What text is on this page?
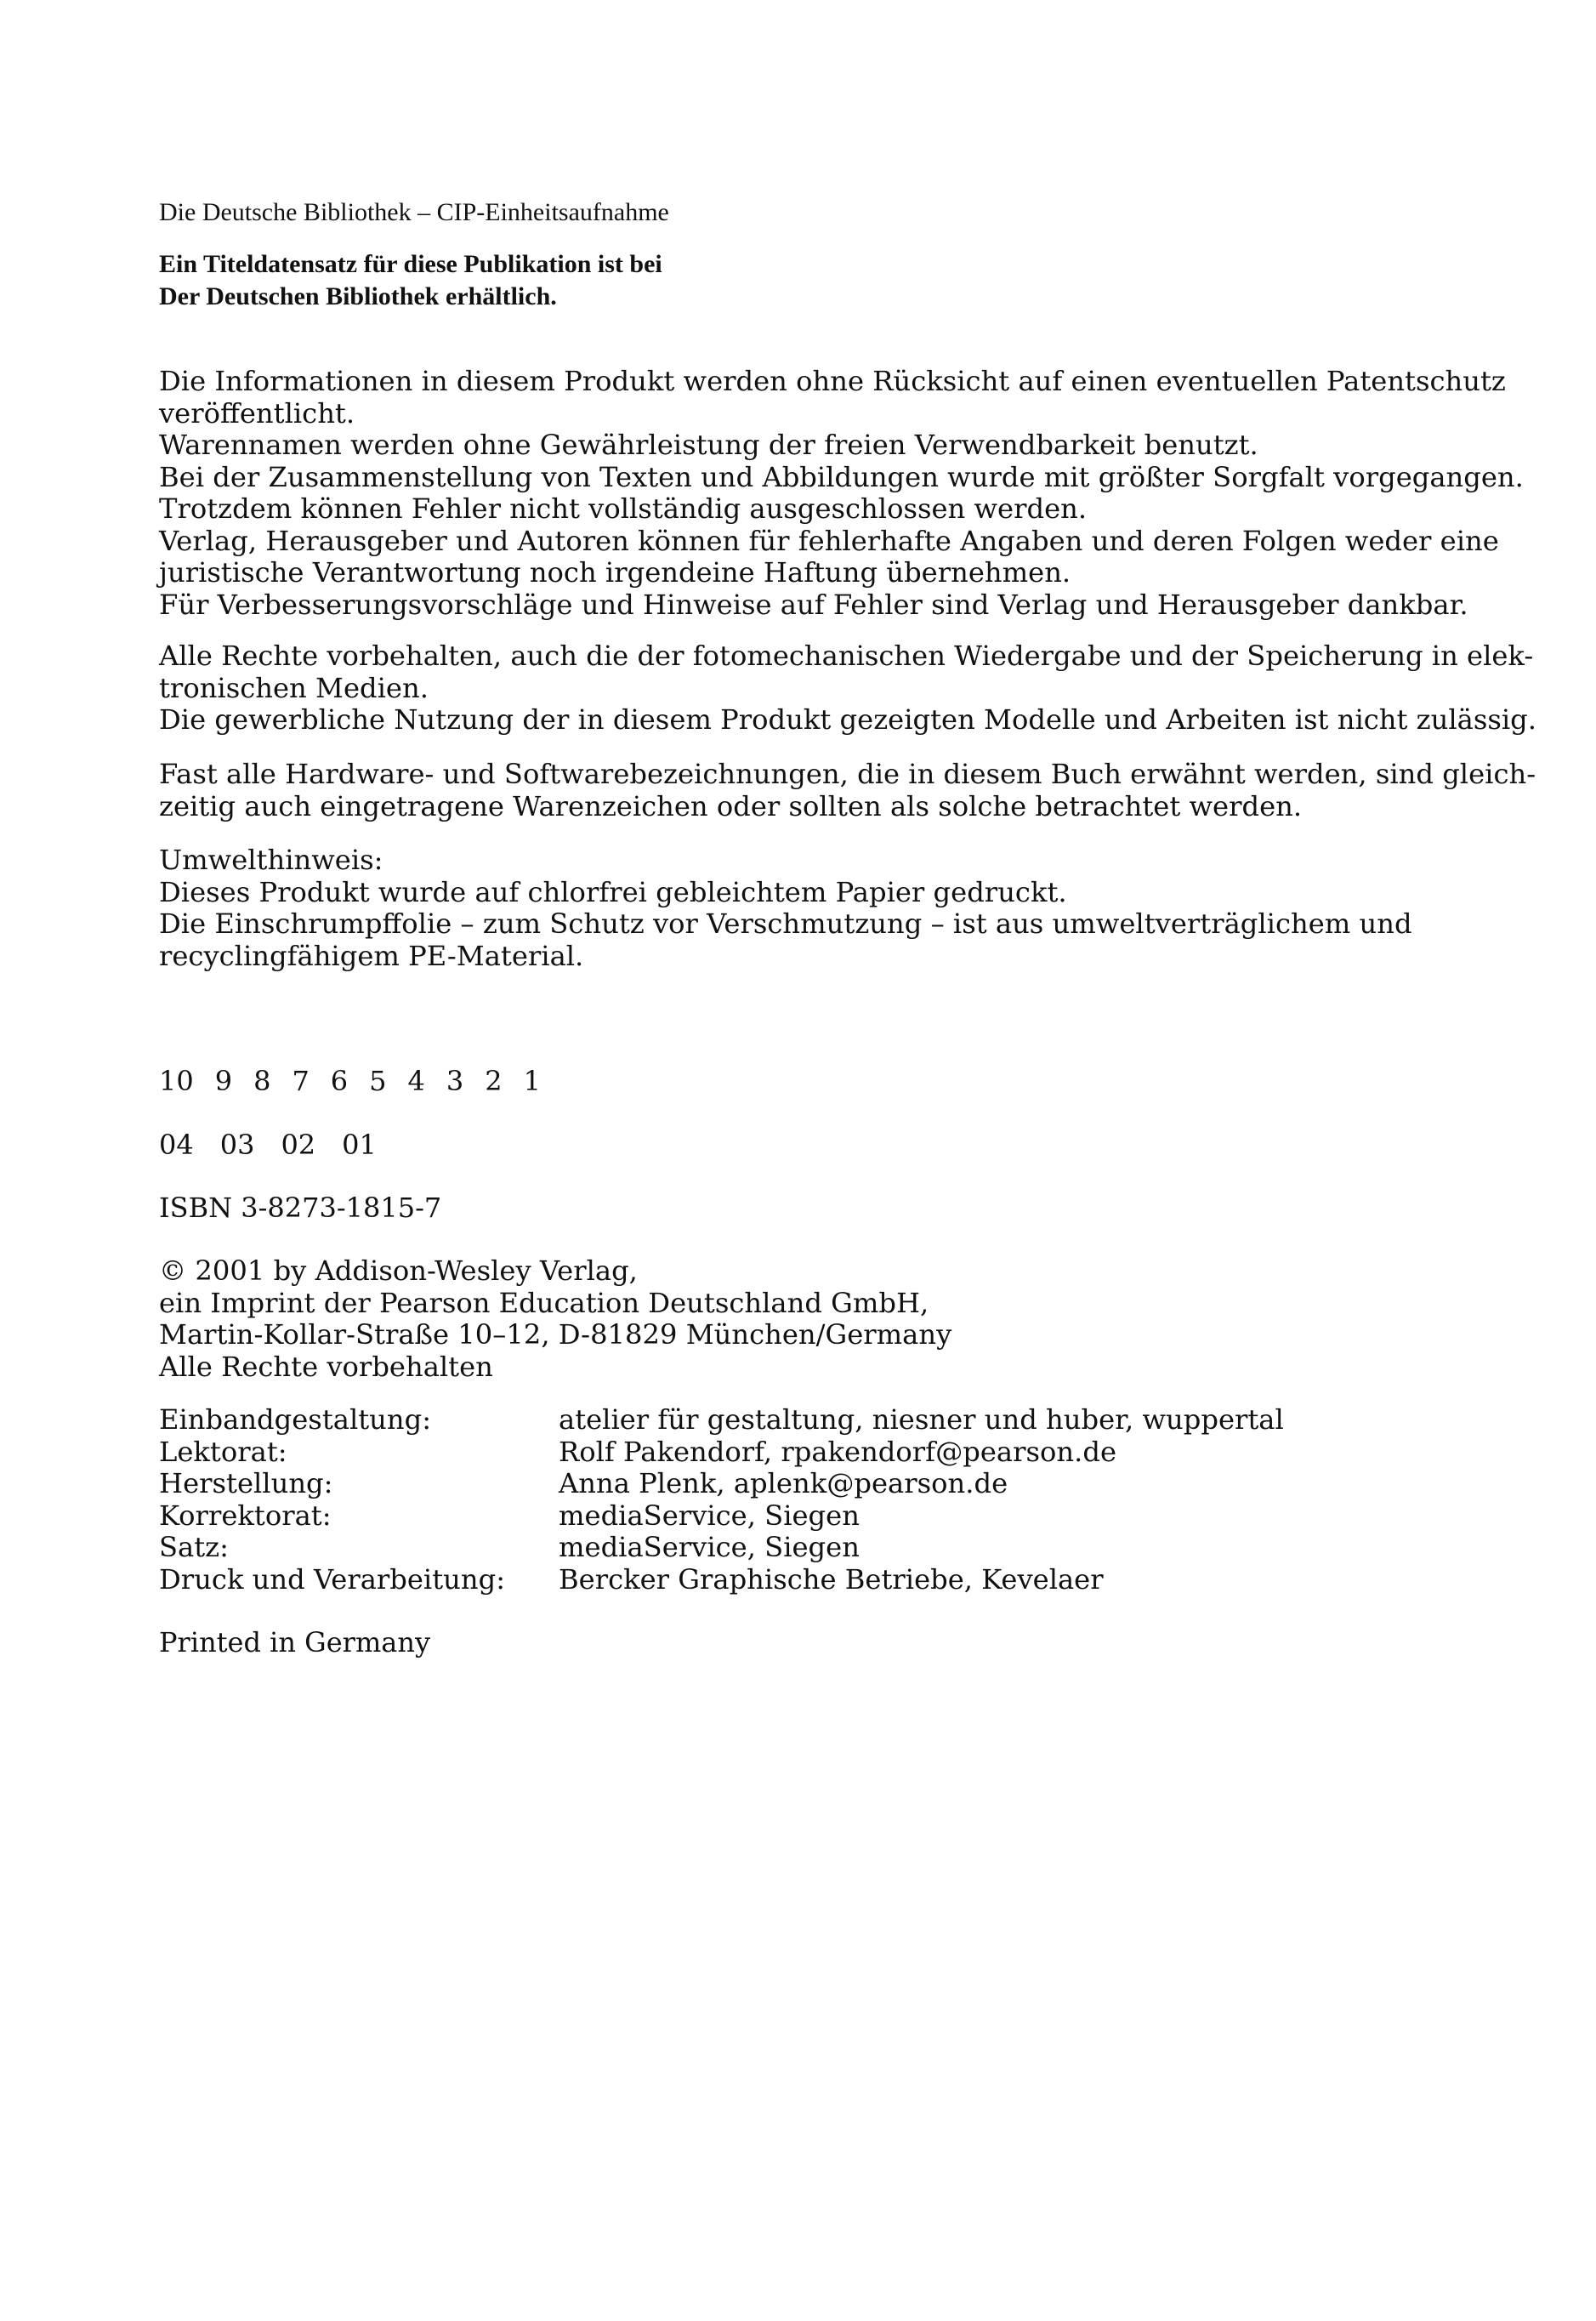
Die Deutsche Bibliothek – CIP-Einheitsaufnahme

Ein Titeldatensatz für diese Publikation ist bei

Der Deutschen Bibliothek erhältlich.

Die Informationen in diesem Produkt werden ohne Rücksicht auf einen eventuellen Patentschutz

veröffentlicht.

Warennamen werden ohne Gewährleistung der freien Verwendbarkeit benutzt.

Bei der Zusammenstellung von Texten und Abbildungen wurde mit größter Sorgfalt vorgegangen.

Trotzdem können Fehler nicht vollständig ausgeschlossen werden.

Verlag, Herausgeber und Autoren können für fehlerhafte Angaben und deren Folgen weder eine

juristische Verantwortung noch irgendeine Haftung übernehmen.

Für Verbesserungsvorschläge und Hinweise auf Fehler sind Verlag und Herausgeber dankbar.

Alle Rechte vorbehalten, auch die der fotomechanischen Wiedergabe und der Speicherung in elek-

tronischen Medien.

Die gewerbliche Nutzung der in diesem Produkt gezeigten Modelle und Arbeiten ist nicht zulässig.

Fast alle Hardware- und Softwarebezeichnungen, die in diesem Buch erwähnt werden, sind gleich-

zeitig auch eingetragene Warenzeichen oder sollten als solche betrachtet werden.

Umwelthinweis:

Dieses Produkt wurde auf chlorfrei gebleichtem Papier gedruckt.

Die Einschrumpffolie – zum Schutz vor Verschmutzung – ist aus umweltverträglichem und

recyclingfähigem PE-Material.

10 9 8 7 6 5 4 3 2 1
04 03 02 01

ISBN 3-8273-1815-7

© 2001 by Addison-Wesley Verlag,

ein Imprint der Pearson Education Deutschland GmbH,

Martin-Kollar-Straße 10–12, D-81829 München/Germany

Alle Rechte vorbehalten

Einbandgestaltung:	atelier für gestaltung, niesner und huber, wuppertal
Lektorat:	Rolf Pakendorf, rpakendorf@pearson.de
Herstellung:	Anna Plenk, aplenk@pearson.de
Korrektorat:	mediaService, Siegen
Satz:	mediaService, Siegen
Druck und Verarbeitung:	Bercker Graphische Betriebe, Kevelaer

Printed in Germany
